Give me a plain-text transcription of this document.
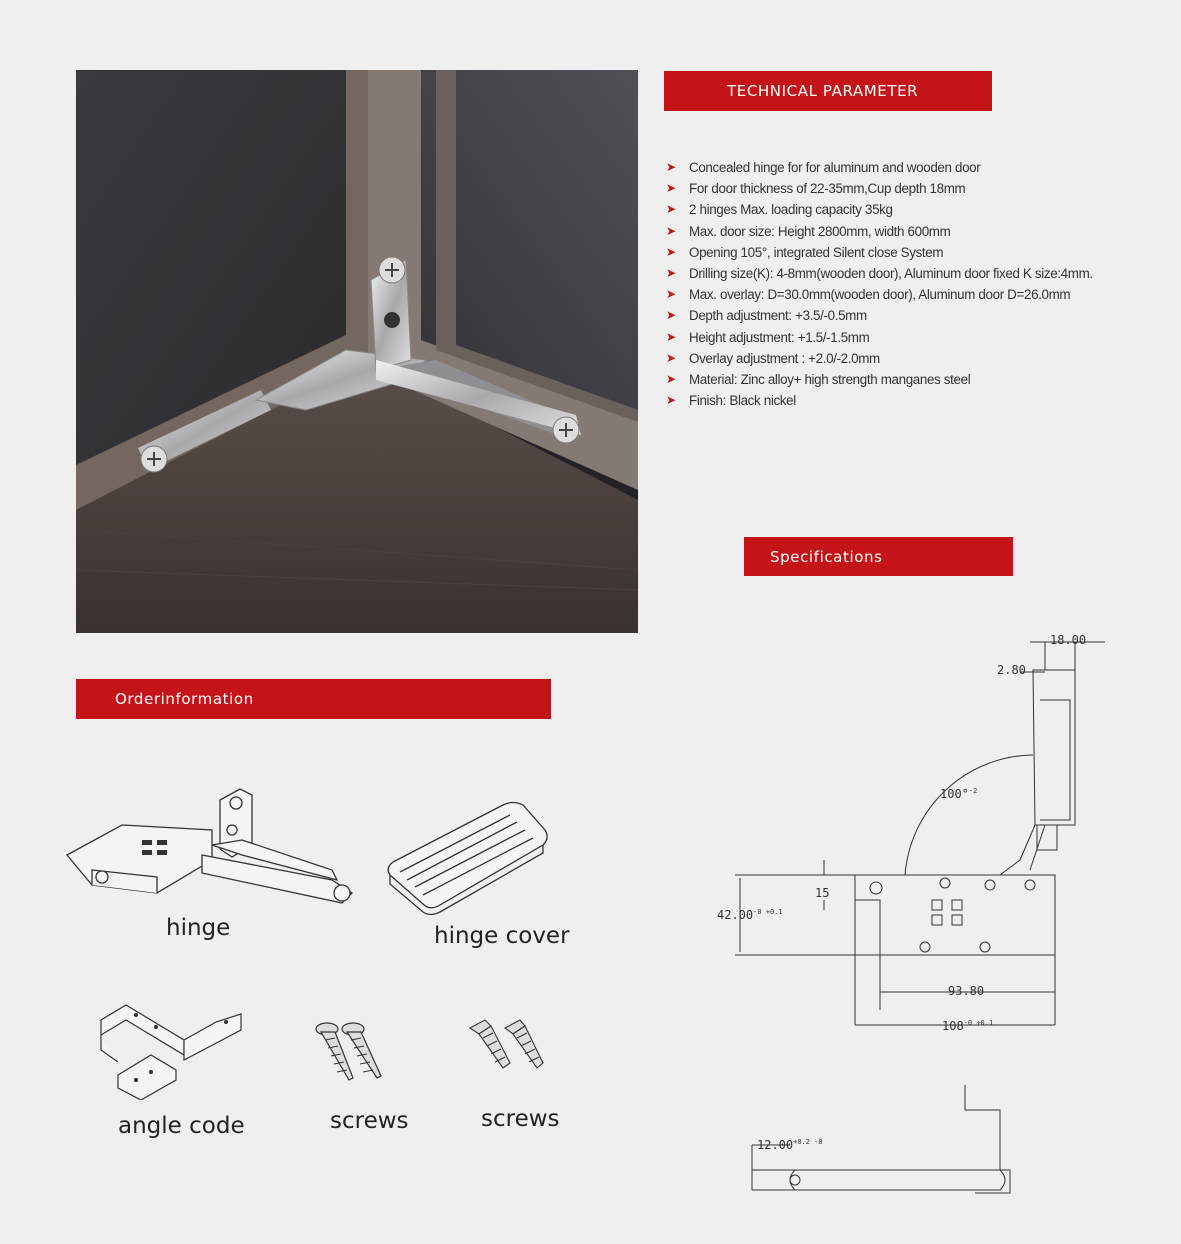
TECHNICAL PARAMETER
Specifications
Orderinformation
➤ Concealed hinge for for aluminum and wooden door
➤ For door thickness of 22-35mm,Cup depth 18mm
➤ 2 hinges Max. loading capacity 35kg
➤ Max. door size: Height 2800mm, width 600mm
➤ Opening 105°, integrated Silent close System
➤ Drilling size(K): 4-8mm(wooden door), Aluminum door fixed K size:4mm.
➤ Max. overlay: D=30.0mm(wooden door), Aluminum door D=26.0mm
➤ Depth adjustment: +3.5/-0.5mm
➤ Height adjustment: +1.5/-1.5mm
➤ Overlay adjustment : +2.0/-2.0mm
➤ Material: Zinc alloy+ high strength manganes steel
➤ Finish: Black nickel
hinge	hinge cover
angle code	screws	screws
18.00
2.80
100°$^{-2}$
15
$42.00^{-0 +0.1}$
93.80
$108^{-0 +0.1}$
$12.00^{+0.2 -0}$
